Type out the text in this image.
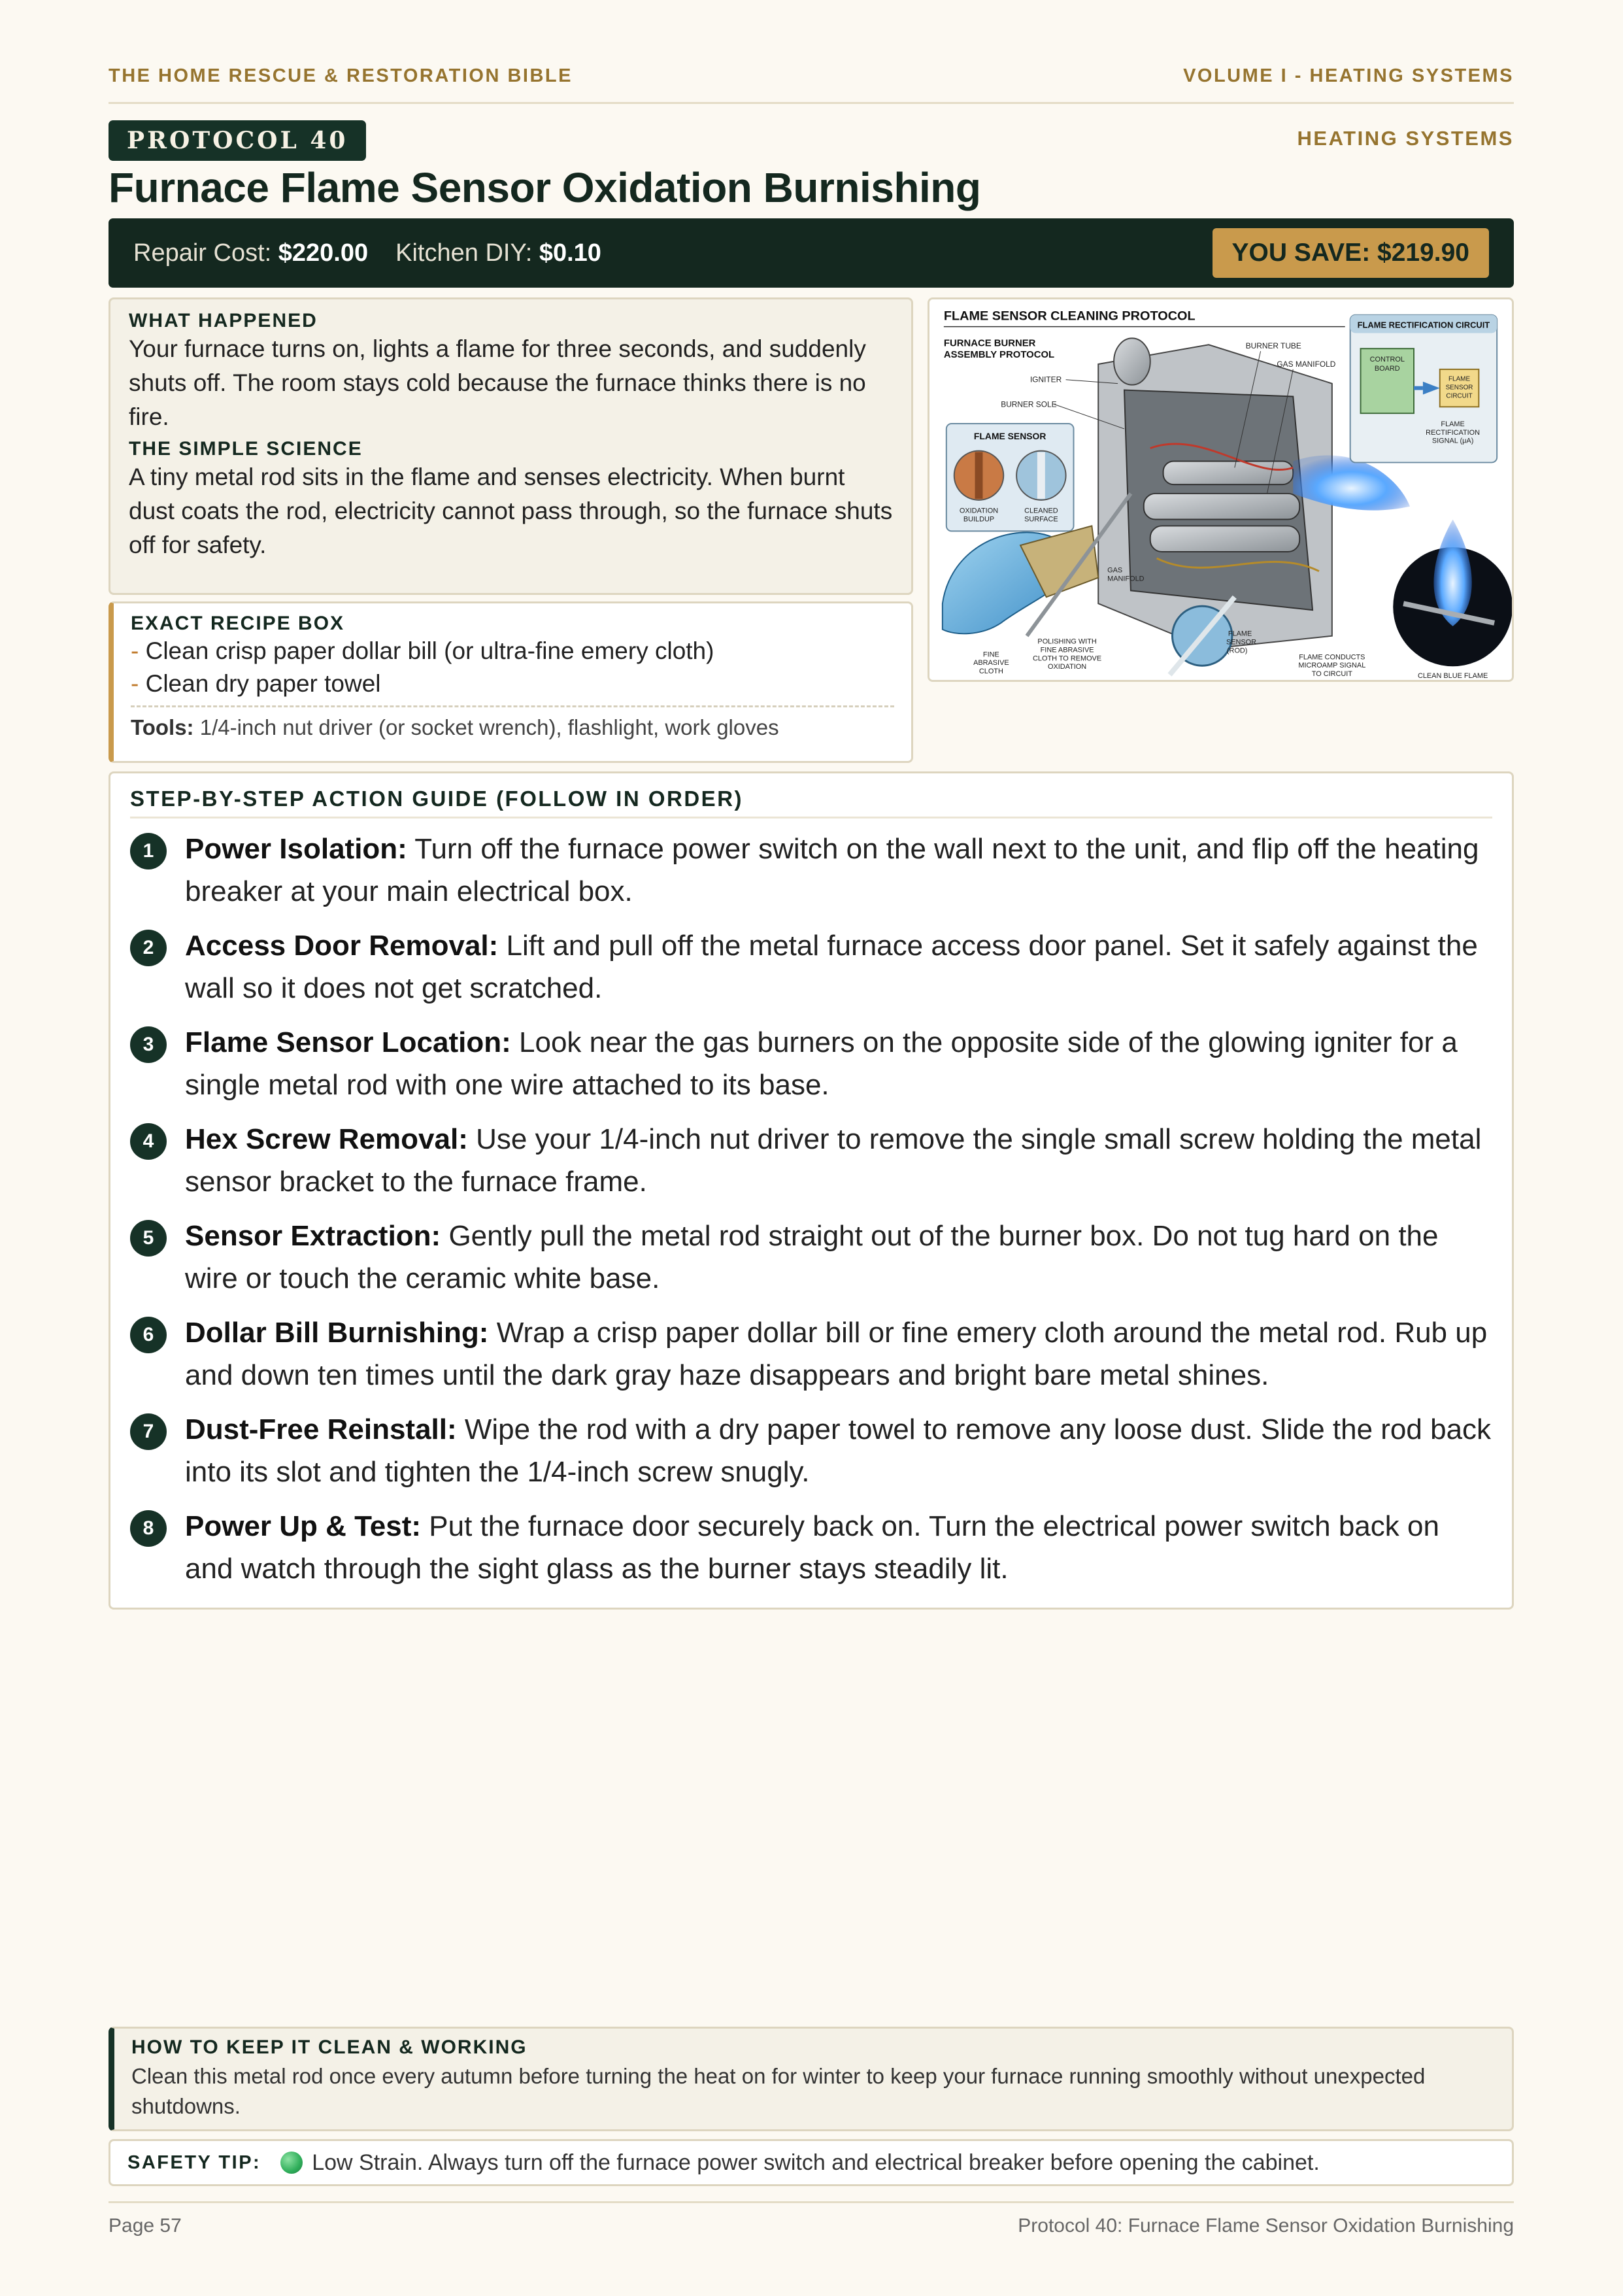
THE HOME RESCUE & RESTORATION BIBLE	VOLUME I - HEATING SYSTEMS
PROTOCOL 40	HEATING SYSTEMS
Furnace Flame Sensor Oxidation Burnishing
Repair Cost: $220.00 Kitchen DIY: $0.10	YOU SAVE: $219.90
WHAT HAPPENED
Your furnace turns on, lights a flame for three seconds, and suddenly shuts off. The room stays cold because the furnace thinks there is no fire.
THE SIMPLE SCIENCE
A tiny metal rod sits in the flame and senses electricity. When burnt dust coats the rod, electricity cannot pass through, so the furnace shuts off for safety.
FLAME SENSOR CLEANING PROTOCOL
FURNACE BURNER
ASSEMBLY PROTOCOL
FLAME SENSOR
OXIDATION
BUILDUP
CLEANED
SURFACE
IGNITER
BURNER SOLE
BURNER TUBE
GAS MANIFOLD
FLAME RECTIFICATION CIRCUIT
CONTROL
BOARD
FLAME
SENSOR
CIRCUIT
FLAME
RECTIFICATION
SIGNAL (μA)
FINE
ABRASIVE
CLOTH
POLISHING WITH
FINE ABRASIVE
CLOTH TO REMOVE
OXIDATION
GAS
MANIFOLD
FLAME
SENSOR
(ROD)
FLAME CONDUCTS
MICROAMP SIGNAL
TO CIRCUIT	CLEAN BLUE FLAME
EXACT RECIPE BOX
- Clean crisp paper dollar bill (or ultra-fine emery cloth)
- Clean dry paper towel
Tools: 1/4-inch nut driver (or socket wrench), flashlight, work gloves
STEP-BY-STEP ACTION GUIDE (FOLLOW IN ORDER)
1	Power Isolation: Turn off the furnace power switch on the wall next to the unit, and flip off the heating breaker at your main electrical box.
2	Access Door Removal: Lift and pull off the metal furnace access door panel. Set it safely against the wall so it does not get scratched.
3	Flame Sensor Location: Look near the gas burners on the opposite side of the glowing igniter for a single metal rod with one wire attached to its base.
4	Hex Screw Removal: Use your 1/4-inch nut driver to remove the single small screw holding the metal sensor bracket to the furnace frame.
5	Sensor Extraction: Gently pull the metal rod straight out of the burner box. Do not tug hard on the wire or touch the ceramic white base.
6	Dollar Bill Burnishing: Wrap a crisp paper dollar bill or fine emery cloth around the metal rod. Rub up and down ten times until the dark gray haze disappears and bright bare metal shines.
7	Dust-Free Reinstall: Wipe the rod with a dry paper towel to remove any loose dust. Slide the rod back into its slot and tighten the 1/4-inch screw snugly.
8	Power Up & Test: Put the furnace door securely back on. Turn the electrical power switch back on and watch through the sight glass as the burner stays steadily lit.
HOW TO KEEP IT CLEAN & WORKING
Clean this metal rod once every autumn before turning the heat on for winter to keep your furnace running smoothly without unexpected shutdowns.
SAFETY TIP: Low Strain. Always turn off the furnace power switch and electrical breaker before opening the cabinet.
Page 57	Protocol 40: Furnace Flame Sensor Oxidation Burnishing
